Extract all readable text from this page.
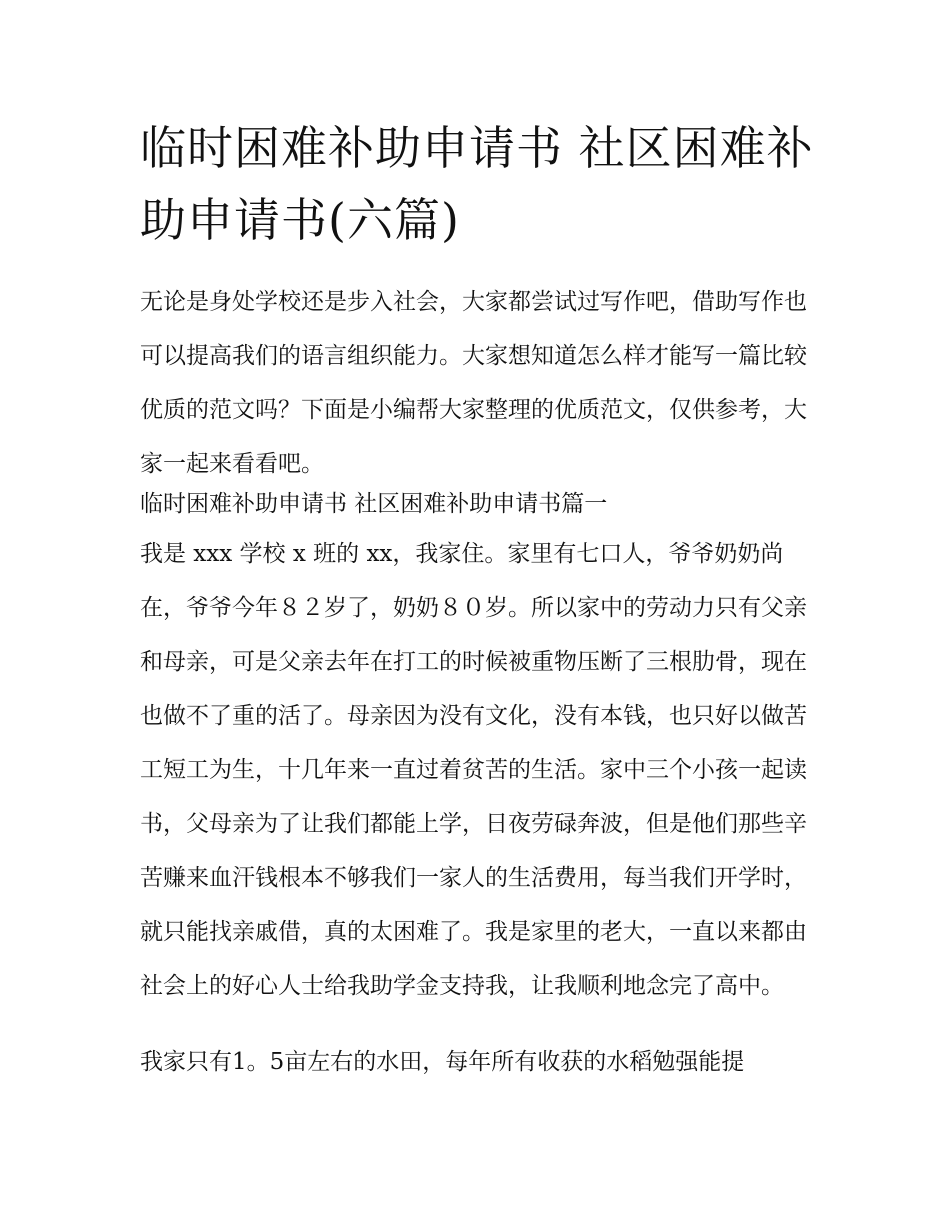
临时困难补助申请书 社区困难补助申请书(六篇)

无论是身处学校还是步入社会，大家都尝试过写作吧，借助写作也可以提高我们的语言组织能力。大家想知道怎么样才能写一篇比较优质的范文吗？下面是小编帮大家整理的优质范文，仅供参考，大家一起来看看吧。

临时困难补助申请书 社区困难补助申请书篇一

我是 xxx 学校 x 班的 xx，我家住。家里有七口人，爷爷奶奶尚在，爷爷今年８２岁了，奶奶８０岁。所以家中的劳动力只有父亲和母亲，可是父亲去年在打工的时候被重物压断了三根肋骨，现在也做不了重的活了。母亲因为没有文化，没有本钱，也只好以做苦工短工为生，十几年来一直过着贫苦的生活。家中三个小孩一起读书，父母亲为了让我们都能上学，日夜劳碌奔波，但是他们那些辛苦赚来血汗钱根本不够我们一家人的生活费用，每当我们开学时，就只能找亲戚借，真的太困难了。我是家里的老大，一直以来都由社会上的好心人士给我助学金支持我，让我顺利地念完了高中。

我家只有1。5亩左右的水田，每年所有收获的水稻勉强能提
